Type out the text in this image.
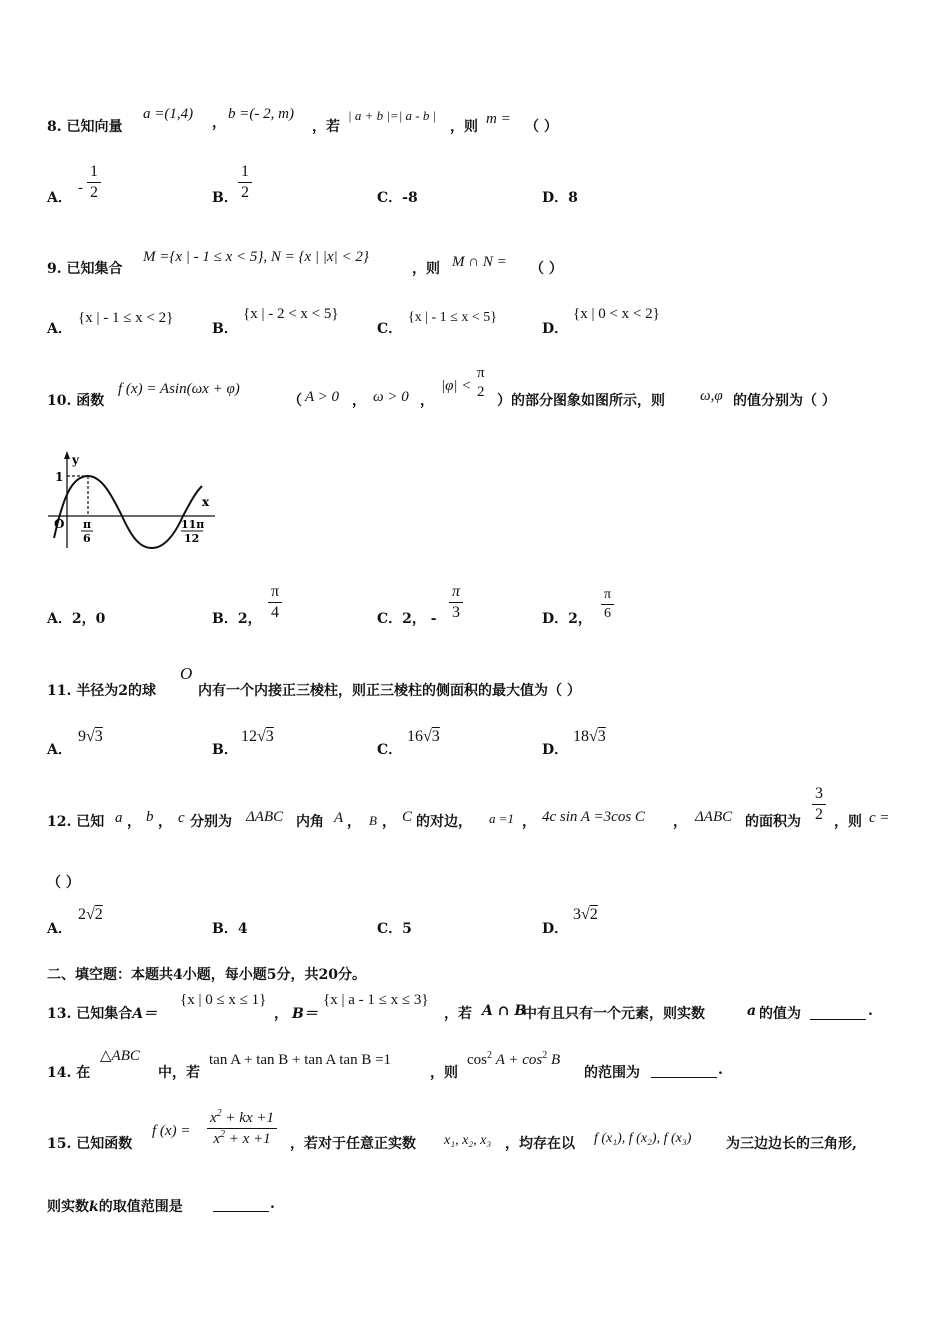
8. 已知向量
a =(1,4)
，
b =(- 2, m)
，若
| a + b |=| a - b |
，则 m = （ ）
A．
- $\frac{1}{2}$	B． $\frac{1}{2}$	C．-8	D．8
9. 已知集合
M ={x | - 1 ≤ x < 5}, N = {x | |x| < 2}
，则 M ∩ N = （ ）
A．
{x | - 1 ≤ x < 2}
B．
{x | - 2 < x < 5}
C．
{x | - 1 ≤ x < 5}
D．
{x | 0 < x < 2}
10. 函数
f (x) = Asin(ωx + φ)
（ A > 0 ， ω > 0 ，
|φ| <
π
2
）的部分图象如图所示，则 ω,φ 的值分别为（ ）
y
x
O
1
π
6
11π
12
A．2，0	B．2， $\frac{\pi}{4}$	C．2， - $\frac{\pi}{3}$	D．2， $\frac{\pi}{6}$
11. 半径为2的球
O
内有一个内接正三棱柱，则正三棱柱的侧面积的最大值为（ ）
A．
9√3
B．
12√3
C．
16√3
D．
18√3
12. 已知 a ， b ， c 分别为 ΔABC 内角 A ， B ， C 的对边， a =1 ， 4c sin A =3cos C ， ΔABC 的面积为 $\frac{3}{2}$ ，则 c =
（ ）
A．
2√2
B．4	C．5	D．
3√2
二、填空题：本题共4小题，每小题5分，共20分。
13. 已知集合A＝
{x | 0 ≤ x ≤ 1}
， B＝
{x | a - 1 ≤ x ≤ 3}
，若 A ∩ B
中有且只有一个元素，则实数	a 的值为	.
14. 在
△ABC
中，若
tan A + tan B + tan A tan B =1
，则
$\cos^2 A + \cos^2 B$
的范围为	.
15. 已知函数
f $(x) = \frac{x^2 + kx +1}{x^2 + x +1}$ ，若对于任意正实数 x₁, x₂, x₃ ，均存在以 f (x₁), f (x₂), f (x₃) 为三边边长的三角形,
则实数k的取值范围是	.
